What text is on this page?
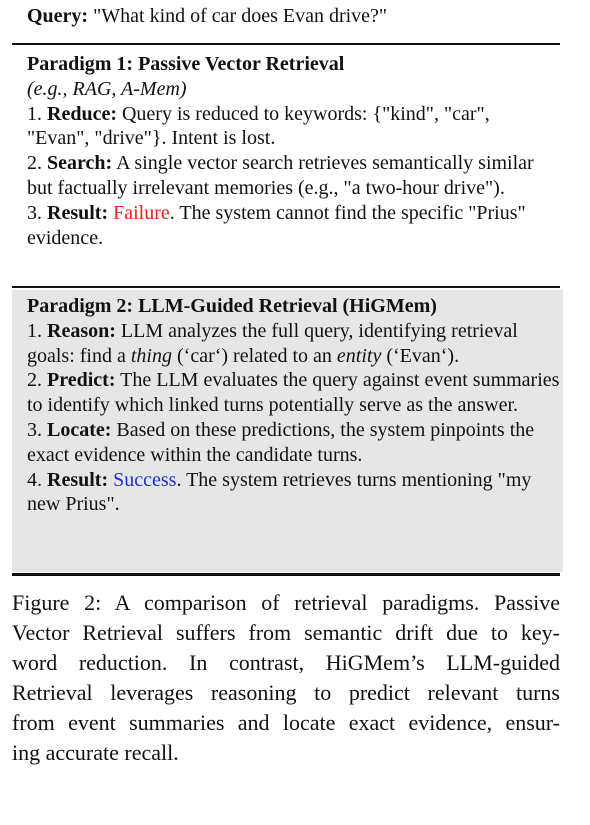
Query: "What kind of car does Evan drive?"
Paradigm 1: Passive Vector Retrieval
(e.g., RAG, A-Mem)

1. Reduce: Query is reduced to keywords: {"kind", "car", "Evan", "drive"}. Intent is lost.

2. Search: A single vector search retrieves semantically similar but factually irrelevant memories (e.g., "a two-hour drive").

3. Result: Failure. The system cannot find the specific "Prius" evidence.

Paradigm 2: LLM-Guided Retrieval (HiGMem)

1. Reason: LLM analyzes the full query, identifying retrieval goals: find a thing (‘car‘) related to an entity (‘Evan‘).

2. Predict: The LLM evaluates the query against event summaries to identify which linked turns potentially serve as the answer.

3. Locate: Based on these predictions, the system pinpoints the exact evidence within the candidate turns.

4. Result: Success. The system retrieves turns mentioning "my new Prius".

Figure 2: A comparison of retrieval paradigms. Passive
Vector Retrieval suffers from semantic drift due to key-
word reduction. In contrast, HiGMem’s LLM-guided
Retrieval leverages reasoning to predict relevant turns
from event summaries and locate exact evidence, ensur-
ing accurate recall.
